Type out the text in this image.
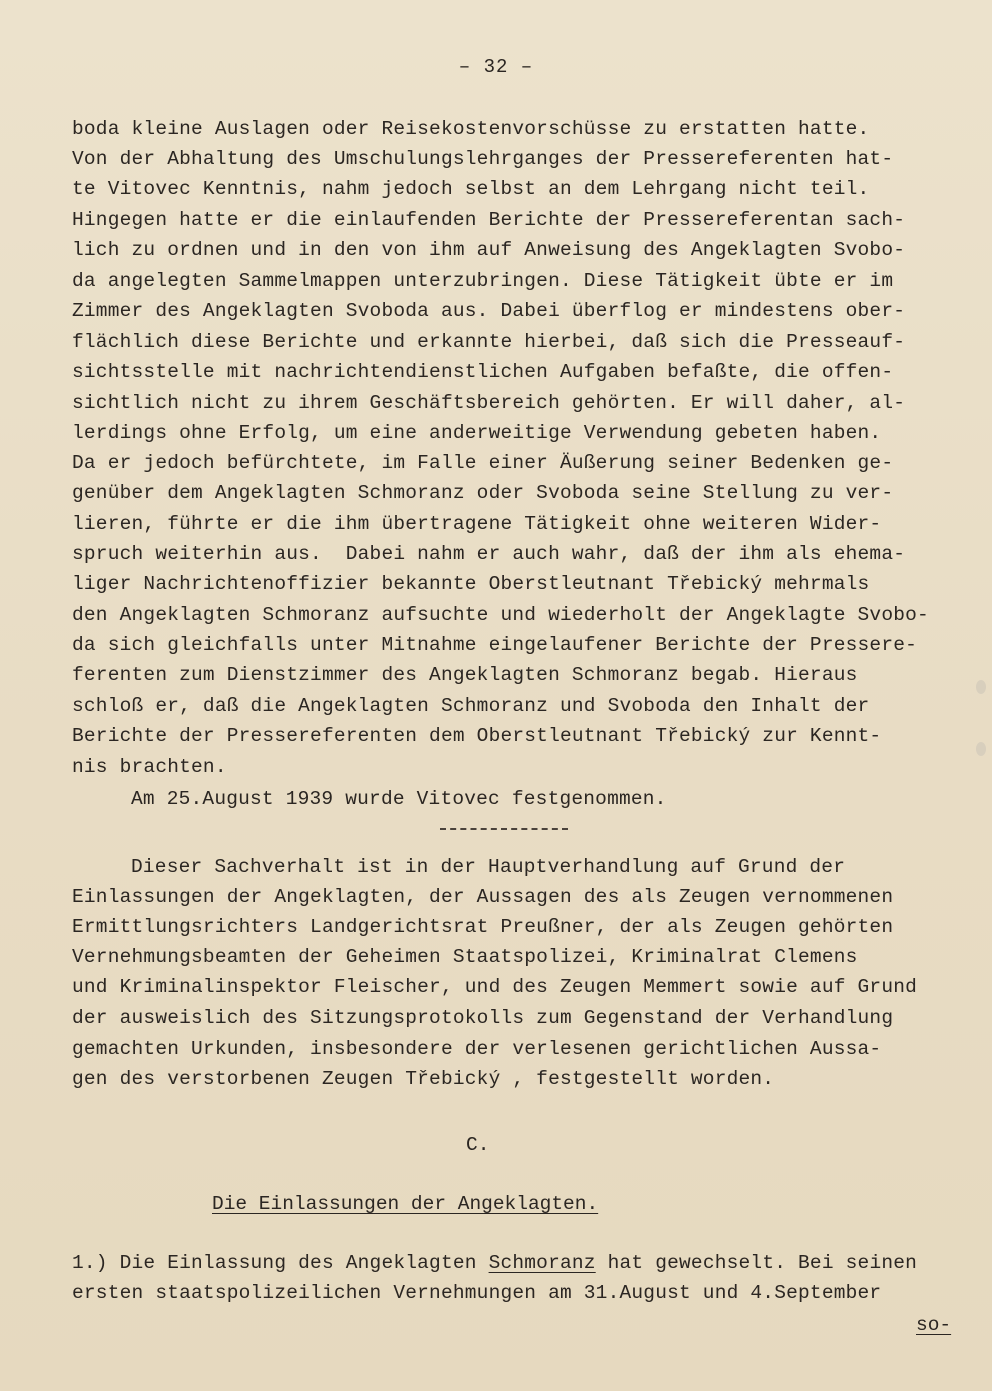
– 32 –
boda kleine Auslagen oder Reisekostenvorschüsse zu erstatten hatte.
Von der Abhaltung des Umschulungslehrganges der Pressereferenten hat-
te Vitovec Kenntnis, nahm jedoch selbst an dem Lehrgang nicht teil.
Hingegen hatte er die einlaufenden Berichte der Pressereferentan sach-
lich zu ordnen und in den von ihm auf Anweisung des Angeklagten Svobo-
da angelegten Sammelmappen unterzubringen. Diese Tätigkeit übte er im
Zimmer des Angeklagten Svoboda aus. Dabei überflog er mindestens ober-
flächlich diese Berichte und erkannte hierbei, daß sich die Presseauf-
sichtsstelle mit nachrichtendienstlichen Aufgaben befaßte, die offen-
sichtlich nicht zu ihrem Geschäftsbereich gehörten. Er will daher, al-
lerdings ohne Erfolg, um eine anderweitige Verwendung gebeten haben.
Da er jedoch befürchtete, im Falle einer Äußerung seiner Bedenken ge-
genüber dem Angeklagten Schmoranz oder Svoboda seine Stellung zu ver-
lieren, führte er die ihm übertragene Tätigkeit ohne weiteren Wider-
spruch weiterhin aus.  Dabei nahm er auch wahr, daß der ihm als ehema-
liger Nachrichtenoffizier bekannte Oberstleutnant Třebický mehrmals
den Angeklagten Schmoranz aufsuchte und wiederholt der Angeklagte Svobo-
da sich gleichfalls unter Mitnahme eingelaufener Berichte der Pressere-
ferenten zum Dienstzimmer des Angeklagten Schmoranz begab. Hieraus
schloß er, daß die Angeklagten Schmoranz und Svoboda den Inhalt der
Berichte der Pressereferenten dem Oberstleutnant Třebický zur Kennt-
nis brachten.
Am 25.August 1939 wurde Vitovec festgenommen.
Dieser Sachverhalt ist in der Hauptverhandlung auf Grund der
Einlassungen der Angeklagten, der Aussagen des als Zeugen vernommenen
Ermittlungsrichters Landgerichtsrat Preußner, der als Zeugen gehörten
Vernehmungsbeamten der Geheimen Staatspolizei, Kriminalrat Clemens
und Kriminalinspektor Fleischer, und des Zeugen Memmert sowie auf Grund
der ausweislich des Sitzungsprotokolls zum Gegenstand der Verhandlung
gemachten Urkunden, insbesondere der verlesenen gerichtlichen Aussa-
gen des verstorbenen Zeugen Třebický , festgestellt worden.
C.
Die Einlassungen der Angeklagten.
1.) Die Einlassung des Angeklagten Schmoranz hat gewechselt. Bei seinen
ersten staatspolizeilichen Vernehmungen am 31.August und 4.September
so-
